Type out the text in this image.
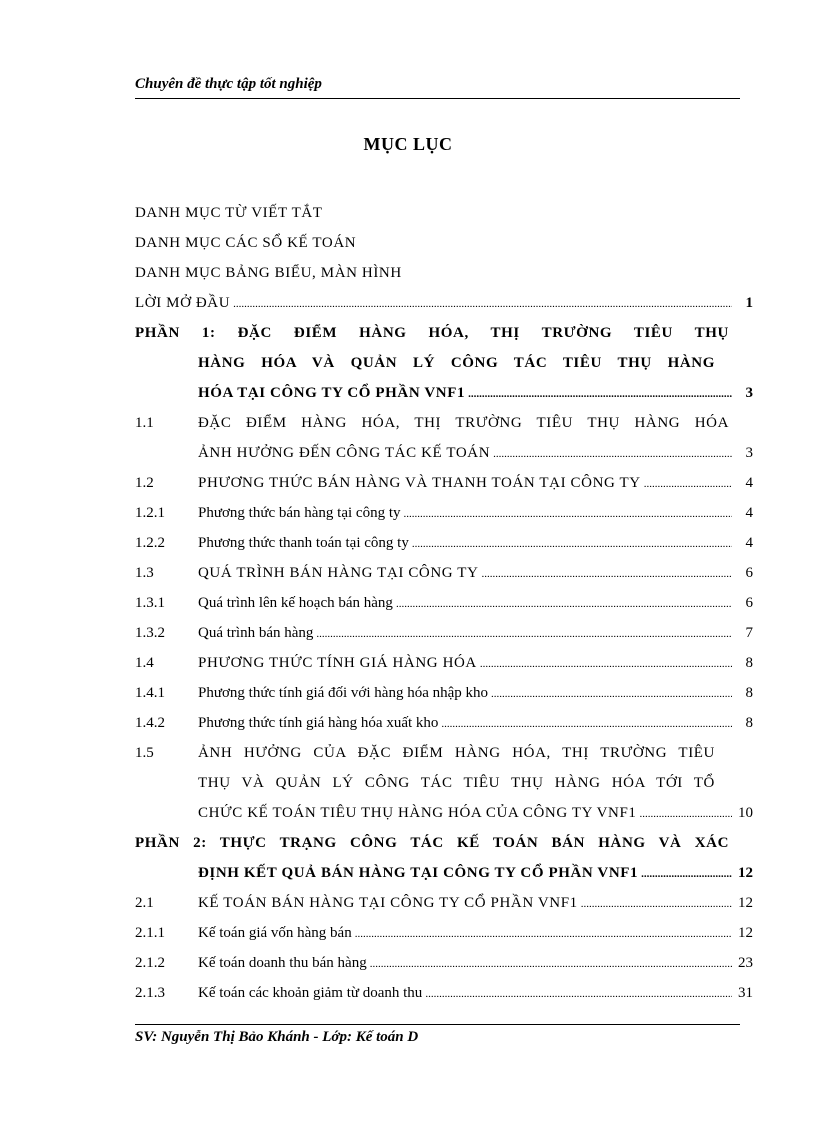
Chuyên đề thực tập tốt nghiệp
MỤC LỤC
DANH MỤC TỪ VIẾT TẮT
DANH MỤC CÁC SỔ KẾ TOÁN
DANH MỤC BẢNG BIỂU, MÀN HÌNH
LỜI MỞ ĐẦU .....	1
PHẦN 1: ĐẶC ĐIỂM HÀNG HÓA, THỊ TRƯỜNG TIÊU THỤ
HÀNG HÓA VÀ QUẢN LÝ CÔNG TÁC TIÊU THỤ HÀNG
HÓA TẠI CÔNG TY CỔ PHẦN VNF1 .....	3
1.1	ĐẶC ĐIỂM HÀNG HÓA, THỊ TRƯỜNG TIÊU THỤ HÀNG HÓA
ẢNH HƯỞNG ĐẾN CÔNG TÁC KẾ TOÁN .....	3
1.2	PHƯƠNG THỨC BÁN HÀNG VÀ THANH TOÁN TẠI CÔNG TY .....	4
1.2.1 Phương thức bán hàng tại công ty .....	4
1.2.2 Phương thức thanh toán tại công ty .....	4
1.3	QUÁ TRÌNH BÁN HÀNG TẠI CÔNG TY .....	6
1.3.1 Quá trình lên kế hoạch bán hàng .....	6
1.3.2 Quá trình bán hàng .....	7
1.4	PHƯƠNG THỨC TÍNH GIÁ HÀNG HÓA .....	8
1.4.1 Phương thức tính giá đối với hàng hóa nhập kho .....	8
1.4.2 Phương thức tính giá hàng hóa xuất kho .....	8
1.5	ẢNH HƯỞNG CỦA ĐẶC ĐIỂM HÀNG HÓA, THỊ TRƯỜNG TIÊU
THỤ VÀ QUẢN LÝ CÔNG TÁC TIÊU THỤ HÀNG HÓA TỚI TỔ
CHỨC KẾ TOÁN TIÊU THỤ HÀNG HÓA CỦA CÔNG TY VNF1 .....	10
PHẦN 2: THỰC TRẠNG CÔNG TÁC KẾ TOÁN BÁN HÀNG VÀ XÁC
ĐỊNH KẾT QUẢ BÁN HÀNG TẠI CÔNG TY CỔ PHẦN VNF1 .....	12
2.1	KẾ TOÁN BÁN HÀNG TẠI CÔNG TY CỔ PHẦN VNF1 .....	12
2.1.1 Kế toán giá vốn hàng bán .....	12
2.1.2 Kế toán doanh thu bán hàng .....	23
2.1.3 Kế toán các khoản giảm từ doanh thu .....	31
SV: Nguyễn Thị Bảo Khánh - Lớp: Kế toán D
